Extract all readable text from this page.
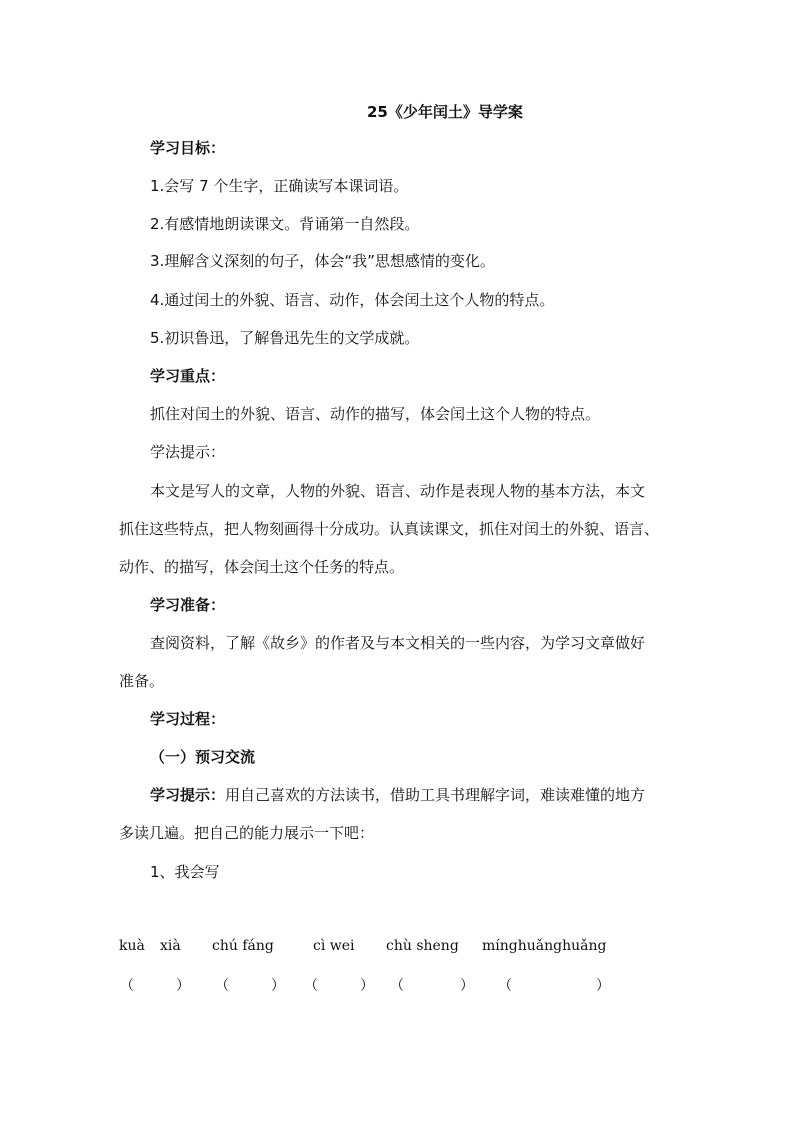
25《少年闰土》导学案
学习目标：
1.会写 7 个生字，正确读写本课词语。
2.有感情地朗读课文。背诵第一自然段。
3.理解含义深刻的句子，体会“我”思想感情的变化。
4.通过闰土的外貌、语言、动作，体会闰土这个人物的特点。
5.初识鲁迅，了解鲁迅先生的文学成就。
学习重点：
抓住对闰土的外貌、语言、动作的描写，体会闰土这个人物的特点。
学法提示：
本文是写人的文章，人物的外貌、语言、动作是表现人物的基本方法，本文
抓住这些特点，把人物刻画得十分成功。认真读课文，抓住对闰土的外貌、语言、
动作、的描写，体会闰土这个任务的特点。
学习准备：
查阅资料，了解《故乡》的作者及与本文相关的一些内容，为学习文章做好
准备。
学习过程：
（一）预习交流
学习提示：用自己喜欢的方法读书，借助工具书理解字词，难读难懂的地方
多读几遍。把自己的能力展示一下吧：
1、我会写
kuà xià chú fáng	cì wei chù sheng mínghuǎnghuǎng
（　　　） （　　　） （　　　） （　　　　） （　　　　　　）
